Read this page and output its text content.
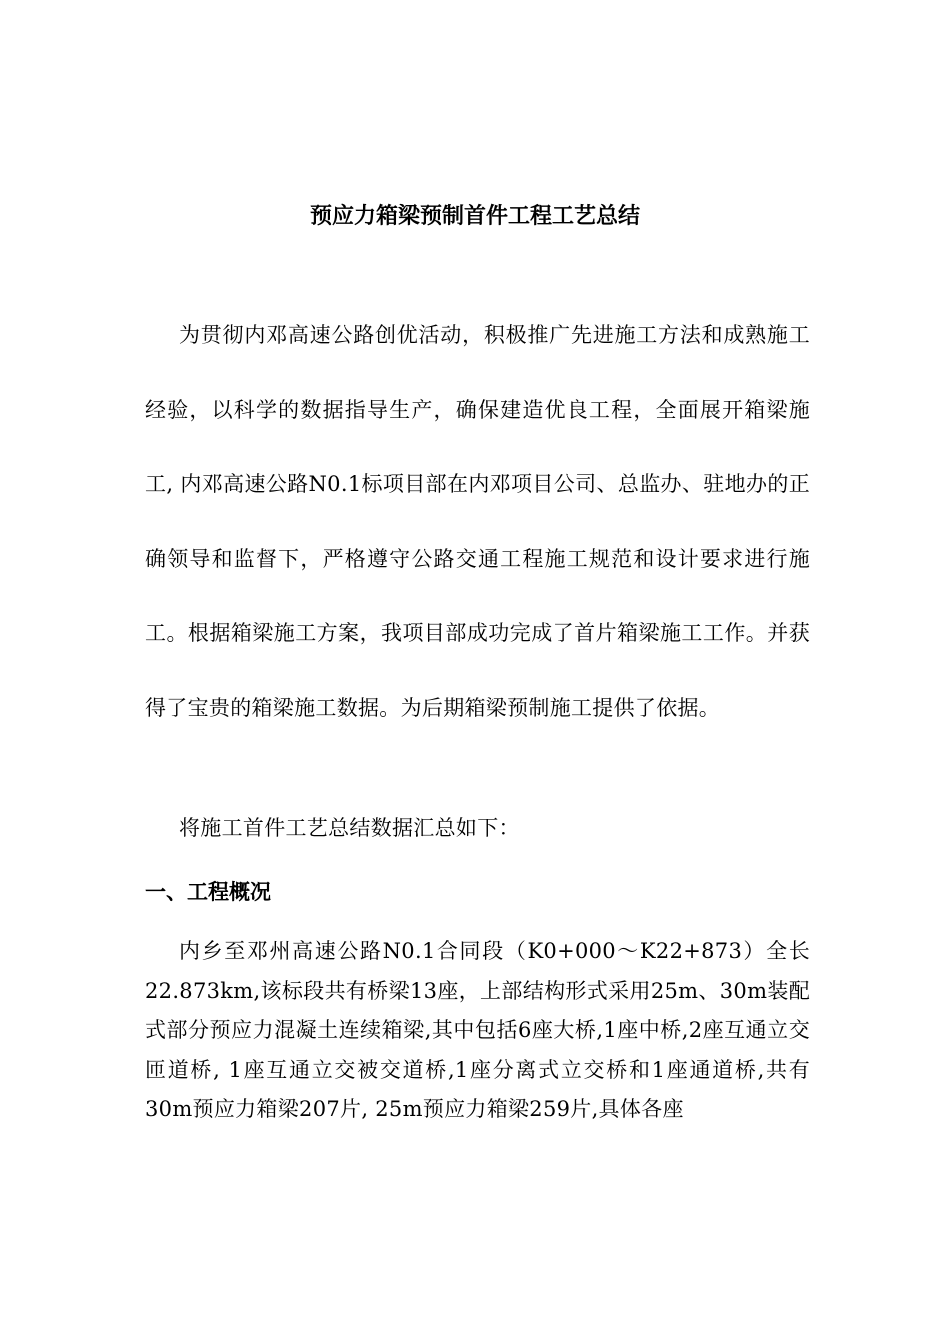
预应力箱梁预制首件工程工艺总结

为贯彻内邓高速公路创优活动，积极推广先进施工方法和成熟施工经验，以科学的数据指导生产，确保建造优良工程，全面展开箱梁施工, 内邓高速公路N0.1标项目部在内邓项目公司、总监办、驻地办的正确领导和监督下，严格遵守公路交通工程施工规范和设计要求进行施工。根据箱梁施工方案，我项目部成功完成了首片箱梁施工工作。并获得了宝贵的箱梁施工数据。为后期箱梁预制施工提供了依据。

将施工首件工艺总结数据汇总如下：

一、工程概况

内乡至邓州高速公路N0.1合同段（K0+000～K22+873）全长22.873km,该标段共有桥梁13座，上部结构形式采用25m、30m装配式部分预应力混凝土连续箱梁,其中包括6座大桥,1座中桥,2座互通立交匝道桥, 1座互通立交被交道桥,1座分离式立交桥和1座通道桥,共有30m预应力箱梁207片, 25m预应力箱梁259片,具体各座
